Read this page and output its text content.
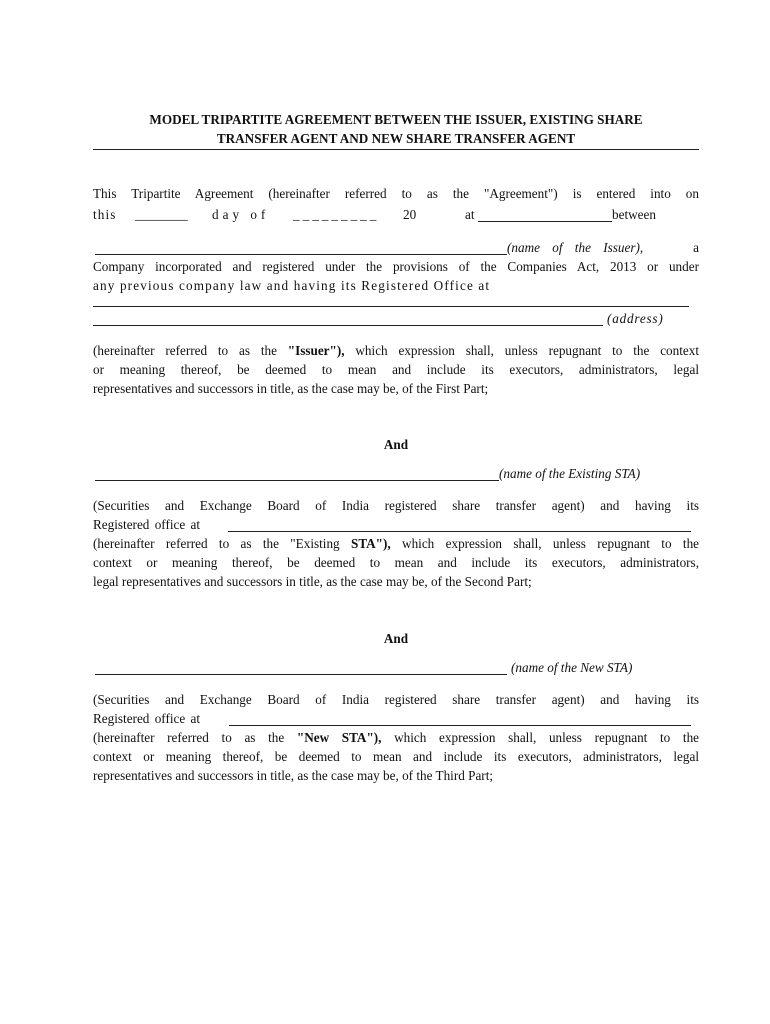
MODEL TRIPARTITE AGREEMENT BETWEEN THE ISSUER, EXISTING SHARE
TRANSFER AGENT AND NEW SHARE TRANSFER AGENT
This Tripartite Agreement (hereinafter referred to as the "Agreement") is entered into on
this ________ day of _________ 20	at	between
(name of the Issuer),	a
Company incorporated and registered under the provisions of the Companies Act, 2013 or under
any previous company law and having its Registered Office at
(address)
(hereinafter referred to as the "Issuer"), which expression shall, unless repugnant to the context
or meaning thereof, be deemed to mean and include its executors, administrators, legal
representatives and successors in title, as the case may be, of the First Part;
And
(name of the Existing STA)
(Securities and Exchange Board of India registered share transfer agent) and having its
Registered office at
(hereinafter referred to as the "Existing STA"), which expression shall, unless repugnant to the
context or meaning thereof, be deemed to mean and include its executors, administrators,
legal representatives and successors in title, as the case may be, of the Second Part;
And
(name of the New STA)
(Securities and Exchange Board of India registered share transfer agent) and having its
Registered office at
(hereinafter referred to as the "New STA"), which expression shall, unless repugnant to the
context or meaning thereof, be deemed to mean and include its executors, administrators, legal
representatives and successors in title, as the case may be, of the Third Part;
